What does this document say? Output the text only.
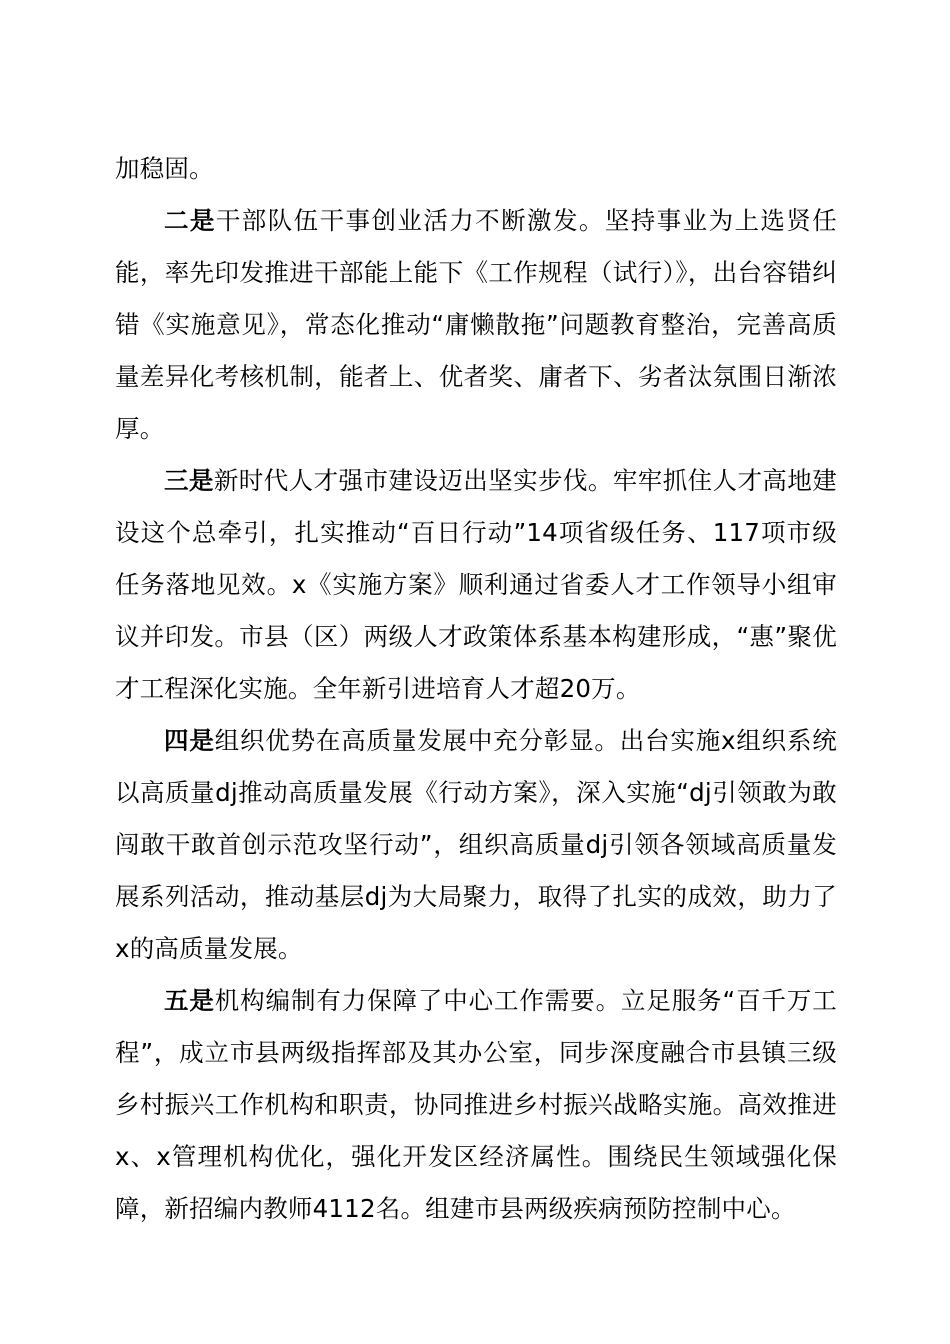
加稳固。

二是干部队伍干事创业活力不断激发。坚持事业为上选贤任能，率先印发推进干部能上能下《工作规程（试行）》，出台容错纠错《实施意见》，常态化推动“庸懒散拖”问题教育整治，完善高质量差异化考核机制，能者上、优者奖、庸者下、劣者汰氛围日渐浓厚。

三是新时代人才强市建设迈出坚实步伐。牢牢抓住人才高地建设这个总牵引，扎实推动“百日行动”14项省级任务、117项市级任务落地见效。x《实施方案》顺利通过省委人才工作领导小组审议并印发。市县（区）两级人才政策体系基本构建形成，“惠”聚优才工程深化实施。全年新引进培育人才超20万。

四是组织优势在高质量发展中充分彰显。出台实施x组织系统以高质量dj推动高质量发展《行动方案》，深入实施“dj引领敢为敢闯敢干敢首创示范攻坚行动”，组织高质量dj引领各领域高质量发展系列活动，推动基层dj为大局聚力，取得了扎实的成效，助力了x的高质量发展。

五是机构编制有力保障了中心工作需要。立足服务“百千万工程”，成立市县两级指挥部及其办公室，同步深度融合市县镇三级乡村振兴工作机构和职责，协同推进乡村振兴战略实施。高效推进x、x管理机构优化，强化开发区经济属性。围绕民生领域强化保障，新招编内教师4112名。组建市县两级疾病预防控制中心。
